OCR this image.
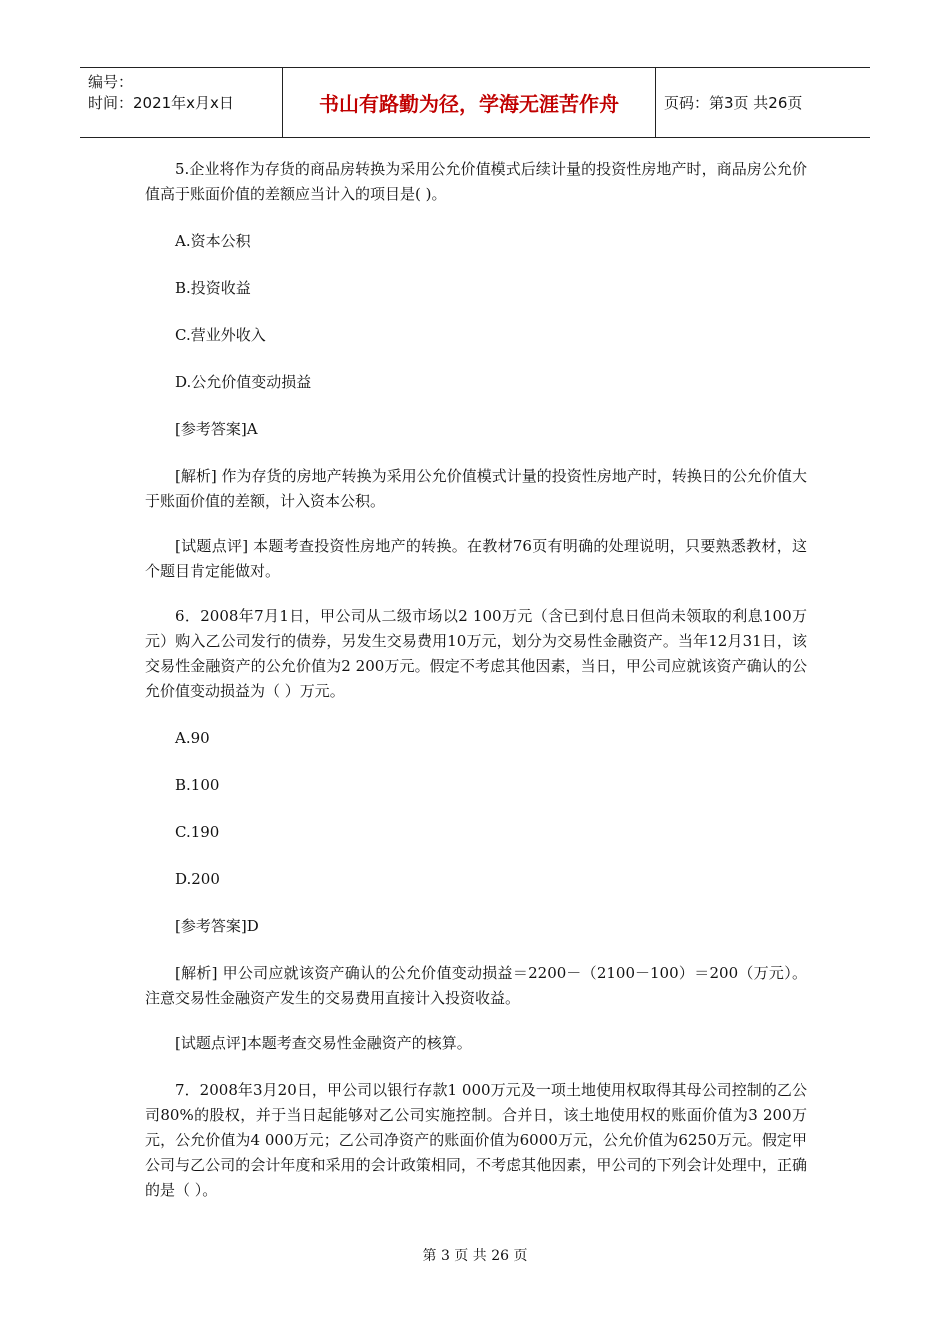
编号：
时间：2021年x月x日	书山有路勤为径，学海无涯苦作舟	页码：第3页 共26页

5.企业将作为存货的商品房转换为采用公允价值模式后续计量的投资性房地产时，商品房公允价值高于账面价值的差额应当计入的项目是( )。

A.资本公积

B.投资收益

C.营业外收入

D.公允价值变动损益

[参考答案]A

[解析] 作为存货的房地产转换为采用公允价值模式计量的投资性房地产时，转换日的公允价值大于账面价值的差额，计入资本公积。

[试题点评] 本题考查投资性房地产的转换。在教材76页有明确的处理说明，只要熟悉教材，这个题目肯定能做对。

6．2008年7月1日，甲公司从二级市场以2 100万元（含已到付息日但尚未领取的利息100万元）购入乙公司发行的债券，另发生交易费用10万元，划分为交易性金融资产。当年12月31日，该交易性金融资产的公允价值为2 200万元。假定不考虑其他因素，当日，甲公司应就该资产确认的公允价值变动损益为（ ）万元。

A.90

B.100

C.190

D.200

[参考答案]D

[解析] 甲公司应就该资产确认的公允价值变动损益＝2200－（2100－100）＝200（万元）。注意交易性金融资产发生的交易费用直接计入投资收益。

[试题点评]本题考查交易性金融资产的核算。

7．2008年3月20日，甲公司以银行存款1 000万元及一项土地使用权取得其母公司控制的乙公司80%的股权，并于当日起能够对乙公司实施控制。合并日，该土地使用权的账面价值为3 200万元，公允价值为4 000万元；乙公司净资产的账面价值为6000万元，公允价值为6250万元。假定甲公司与乙公司的会计年度和采用的会计政策相同，不考虑其他因素，甲公司的下列会计处理中，正确的是（ ）。

第 3 页 共 26 页
